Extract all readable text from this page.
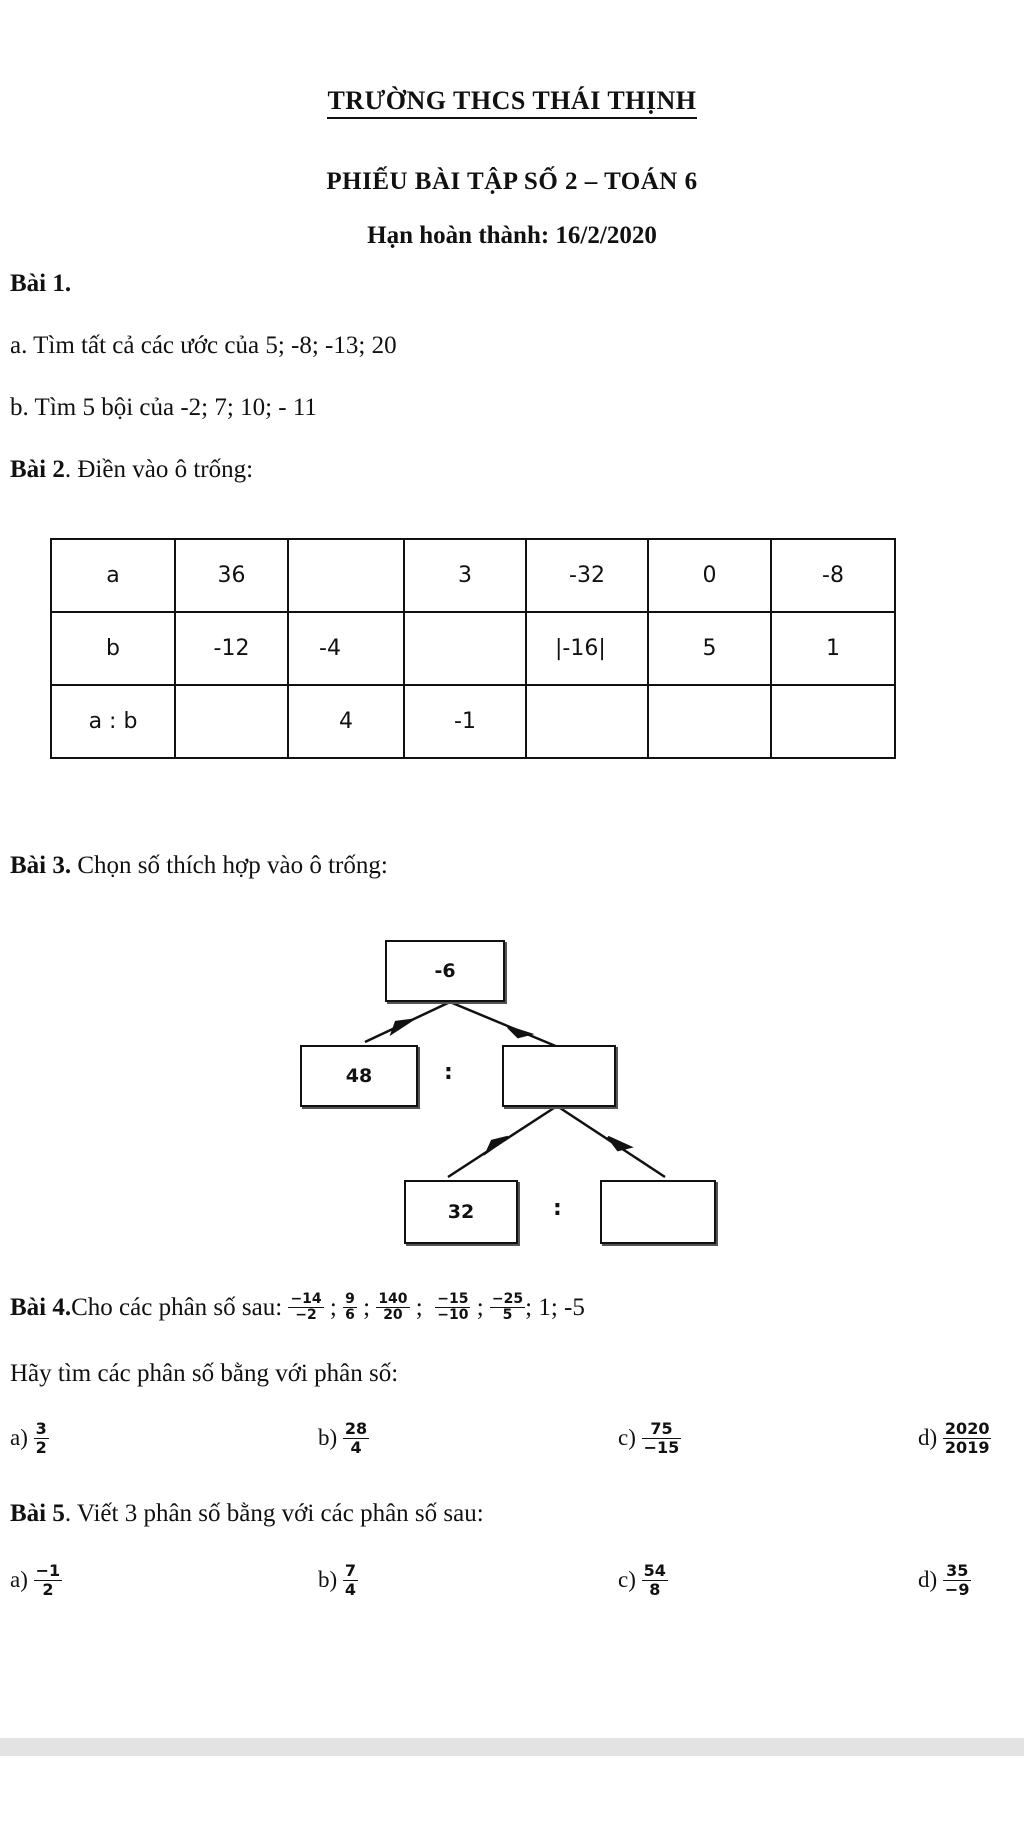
TRƯỜNG THCS THÁI THỊNH
PHIẾU BÀI TẬP SỐ 2 – TOÁN 6
Hạn hoàn thành: 16/2/2020
Bài 1.
a. Tìm tất cả các ước của 5; -8; -13; 20
b. Tìm 5 bội của -2; 7; 10; - 11
Bài 2. Điền vào ô trống:
a	36		3	-32	0	-8
b	-12	-4		|-16|	5	1
a : b		4	-1			
Bài 3. Chọn số thích hợp vào ô trống:
-6
48	:
32	:
Bài 4. Cho các phân số sau:
$\frac{-14}{-2}$ ; $\frac{9}{6}$ ; $\frac{140}{20}$ ; $\frac{-15}{-10}$ ; $\frac{-25}{5}$ ; 1; -5
Hãy tìm các phân số bằng với phân số:
a)
$\frac{3}{2}$	b)
$\frac{28}{4}$	c)
$\frac{75}{-15}$	d)
$\frac{2020}{2019}$
Bài 5. Viết 3 phân số bằng với các phân số sau:
a)
$\frac{-1}{2}$	b)
$\frac{7}{4}$	c)
$\frac{54}{8}$	d)
$\frac{35}{-9}$
